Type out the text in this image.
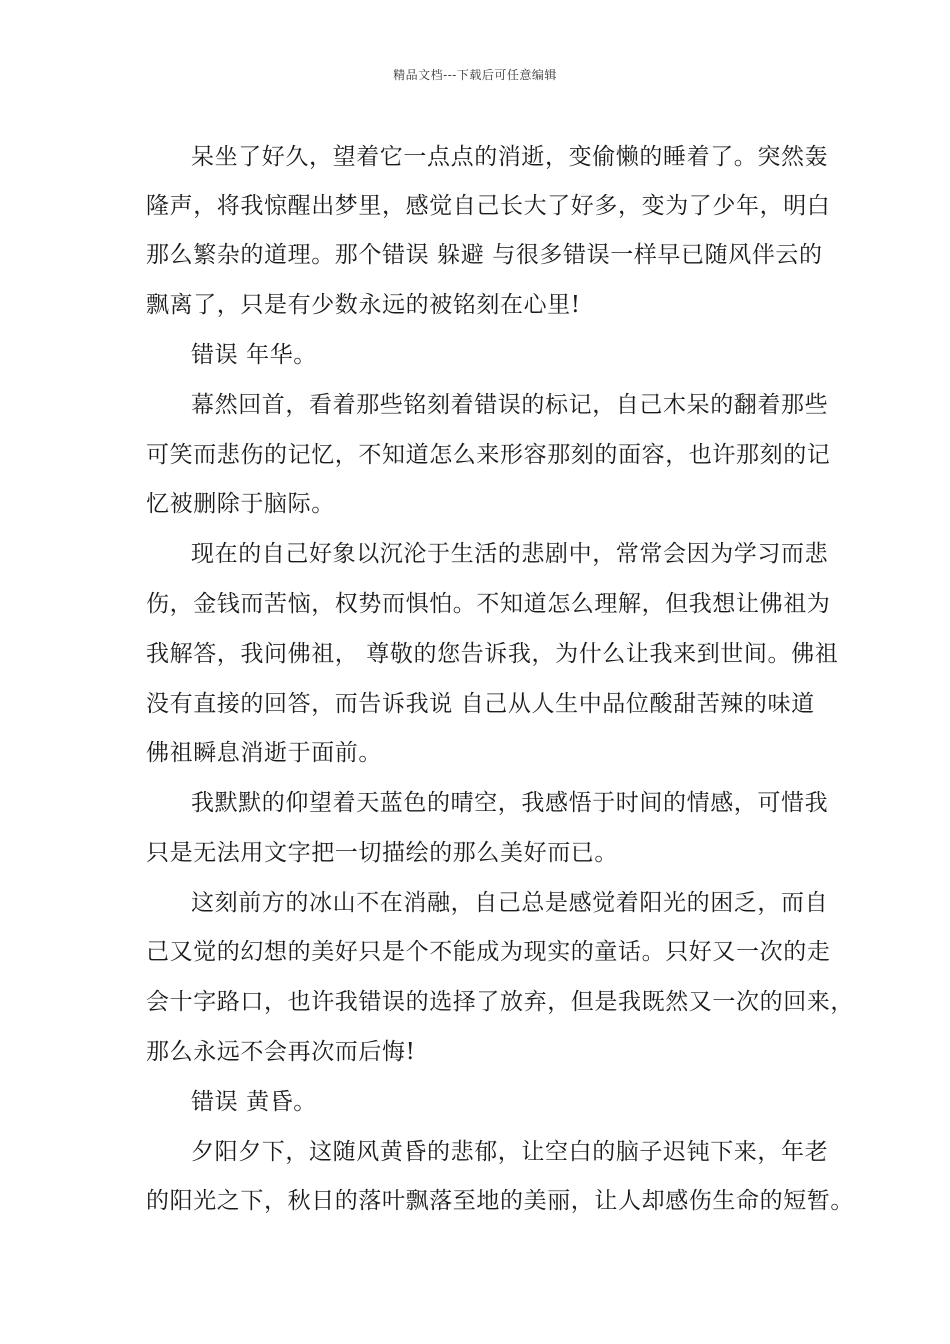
精品文档---下载后可任意编辑
呆坐了好久，望着它一点点的消逝，变偷懒的睡着了。突然轰
隆声，将我惊醒出梦里，感觉自己长大了好多，变为了少年，明白
那么繁杂的道理。那个错误 躲避 与很多错误一样早已随风伴云的
飘离了，只是有少数永远的被铭刻在心里!
错误 年华。
幕然回首，看着那些铭刻着错误的标记，自己木呆的翻着那些
可笑而悲伤的记忆，不知道怎么来形容那刻的面容，也许那刻的记
忆被删除于脑际。
现在的自己好象以沉沦于生活的悲剧中，常常会因为学习而悲
伤，金钱而苦恼，权势而惧怕。不知道怎么理解，但我想让佛祖为
我解答，我问佛祖， 尊敬的您告诉我，为什么让我来到世间。佛祖
没有直接的回答，而告诉我说 自己从人生中品位酸甜苦辣的味道
佛祖瞬息消逝于面前。
我默默的仰望着天蓝色的晴空，我感悟于时间的情感，可惜我
只是无法用文字把一切描绘的那么美好而已。
这刻前方的冰山不在消融，自己总是感觉着阳光的困乏，而自
己又觉的幻想的美好只是个不能成为现实的童话。只好又一次的走
会十字路口，也许我错误的选择了放弃，但是我既然又一次的回来，
那么永远不会再次而后悔!
错误 黄昏。
夕阳夕下，这随风黄昏的悲郁，让空白的脑子迟钝下来，年老
的阳光之下，秋日的落叶飘落至地的美丽，让人却感伤生命的短暂。
